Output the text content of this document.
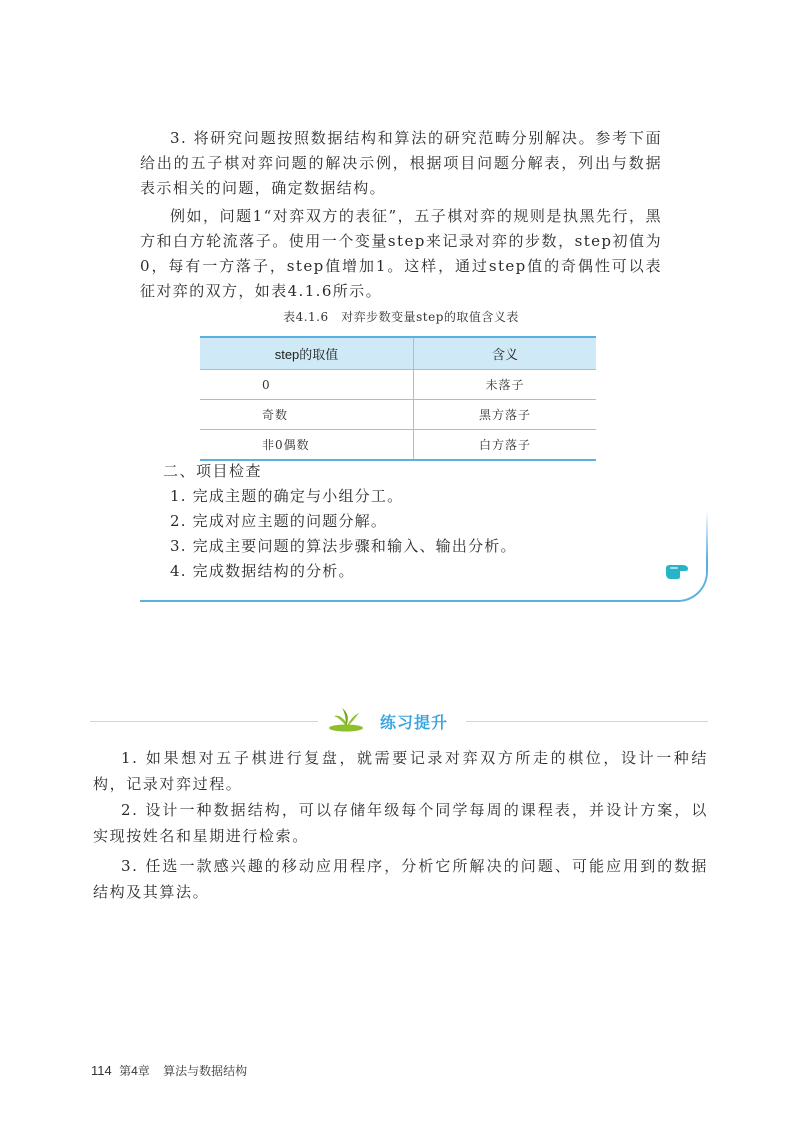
3. 将研究问题按照数据结构和算法的研究范畴分别解决。参考下面给出的五子棋对弈问题的解决示例，根据项目问题分解表，列出与数据表示相关的问题，确定数据结构。

例如，问题1“对弈双方的表征”，五子棋对弈的规则是执黑先行，黑方和白方轮流落子。使用一个变量step来记录对弈的步数，step初值为0，每有一方落子，step值增加1。这样，通过step值的奇偶性可以表征对弈的双方，如表4.1.6所示。

表4.1.6　对弈步数变量step的取值含义表
step的取值	含义
0	未落子
奇数	黑方落子
非0偶数	白方落子
二、项目检查
1. 完成主题的确定与小组分工。
2. 完成对应主题的问题分解。
3. 完成主要问题的算法步骤和输入、输出分析。
4. 完成数据结构的分析。
练习提升

1. 如果想对五子棋进行复盘，就需要记录对弈双方所走的棋位，设计一种结构，记录对弈过程。

2. 设计一种数据结构，可以存储年级每个同学每周的课程表，并设计方案，以实现按姓名和星期进行检索。

3. 任选一款感兴趣的移动应用程序，分析它所解决的问题、可能应用到的数据结构及其算法。

114 第4章 算法与数据结构
